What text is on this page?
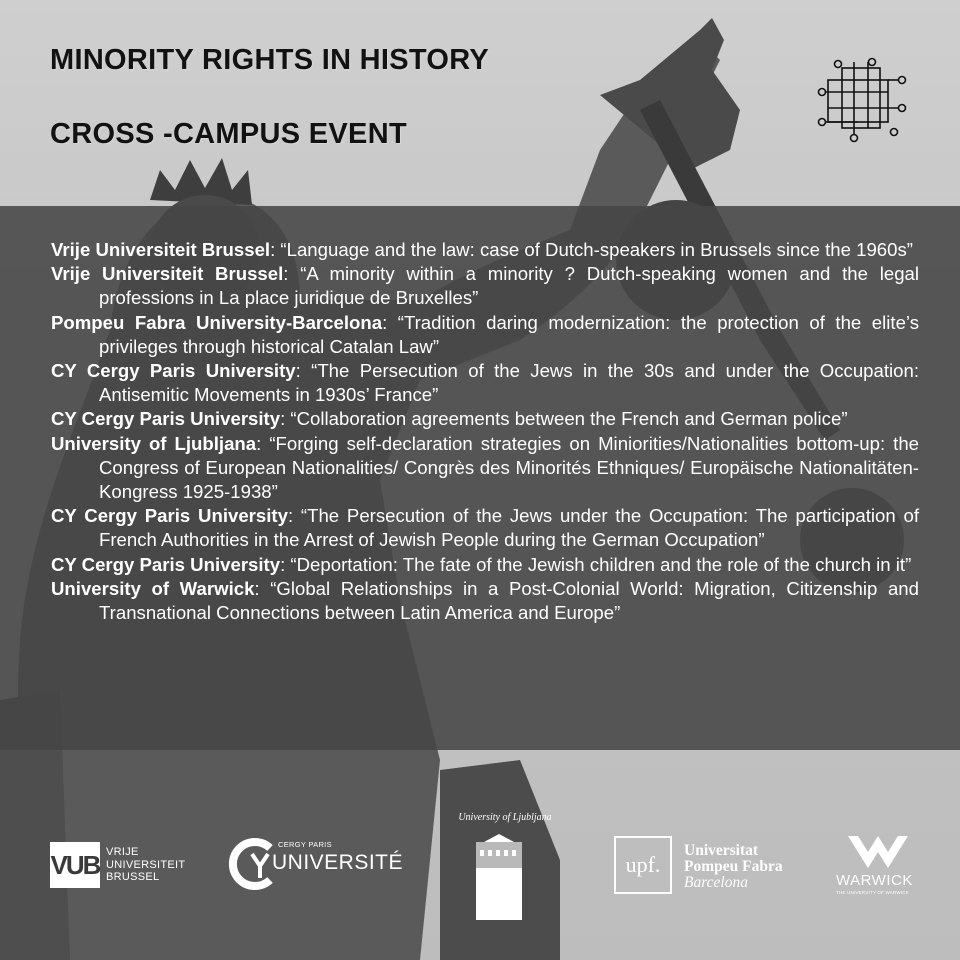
MINORITY RIGHTS IN HISTORY
CROSS -CAMPUS EVENT
Vrije Universiteit Brussel: “Language and the law: case of Dutch-speakers in Brussels since the 1960s”
Vrije Universiteit Brussel: “A minority within a minority ? Dutch-speaking women and the legal professions in La place juridique de Bruxelles”
Pompeu Fabra University-Barcelona: “Tradition daring modernization: the protection of the elite’s privileges through historical Catalan Law”
CY Cergy Paris University: “The Persecution of the Jews in the 30s and under the Occupation: Antisemitic Movements in 1930s’ France”
CY Cergy Paris University: “Collaboration agreements between the French and German police”
University of Ljubljana: “Forging self-declaration strategies on Miniorities/Nationalities bottom-up: the Congress of European Nationalities/ Congrès des Minorités Ethniques/ Europäische Nationalitäten-Kongress 1925-1938”
CY Cergy Paris University: “The Persecution of the Jews under the Occupation: The participation of French Authorities in the Arrest of Jewish People during the German Occupation”
CY Cergy Paris University: “Deportation: The fate of the Jewish children and the role of the church in it”
University of Warwick: “Global Relationships in a Post-Colonial World: Migration, Citizenship and Transnational Connections between Latin America and Europe”
VUB VRIJE
UNIVERSITEIT
BRUSSEL
CERGY PARIS
UNIVERSITÉ
University of Ljubljana
upf.
Universitat
Pompeu Fabra
Barcelona	WARWICK
THE UNIVERSITY OF WARWICK
